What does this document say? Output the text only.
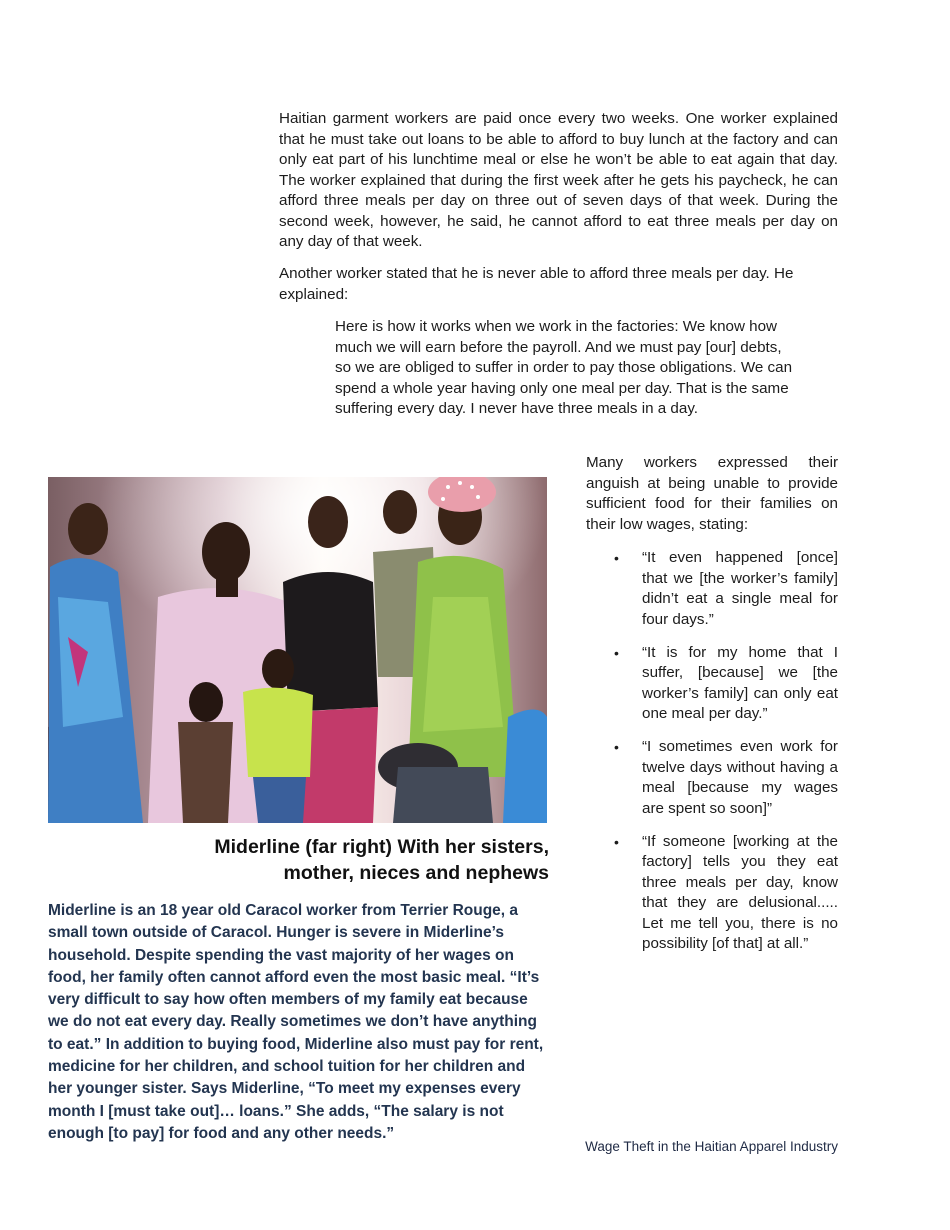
Haitian garment workers are paid once every two weeks. One worker explained that he must take out loans to be able to afford to buy lunch at the factory and can only eat part of his lunchtime meal or else he won’t be able to eat again that day. The worker explained that during the first week after he gets his paycheck, he can afford three meals per day on three out of seven days of that week. During the second week, however, he said, he cannot afford to eat three meals per day on any day of that week.

Another worker stated that he is never able to afford three meals per day. He explained:

Here is how it works when we work in the factories: We know how much we will earn before the payroll. And we must pay [our] debts, so we are obliged to suffer in order to pay those obligations. We can spend a whole year having only one meal per day. That is the same suffering every day. I never have three meals in a day.

Miderline (far right) With her sisters, mother, nieces and nephews

Miderline is an 18 year old Caracol worker from Terrier Rouge, a small town outside of Caracol. Hunger is severe in Miderline’s household. Despite spending the vast majority of her wages on food, her family often cannot afford even the most basic meal. “It’s very difficult to say how often members of my family eat because we do not eat every day. Really sometimes we don’t have anything to eat.” In addition to buying food, Miderline also must pay for rent, medicine for her children, and school tuition for her children and her younger sister. Says Miderline, “To meet my expenses every month I [must take out]… loans.” She adds, “The salary is not enough [to pay] for food and any other needs.”

Many workers expressed their anguish at being unable to provide sufficient food for their families on their low wages, stating:

• “It even happened [once] that we [the worker’s family] didn’t eat a single meal for four days.”
• “It is for my home that I suffer, [because] we [the worker’s family] can only eat one meal per day.”
• “I sometimes even work for twelve days without having a meal [because my wages are spent so soon]”
• “If someone [working at the factory] tells you they eat three meals per day, know that they are delusional..... Let me tell you, there is no possibility [of that] at all.”

Wage Theft in the Haitian Apparel Industry
